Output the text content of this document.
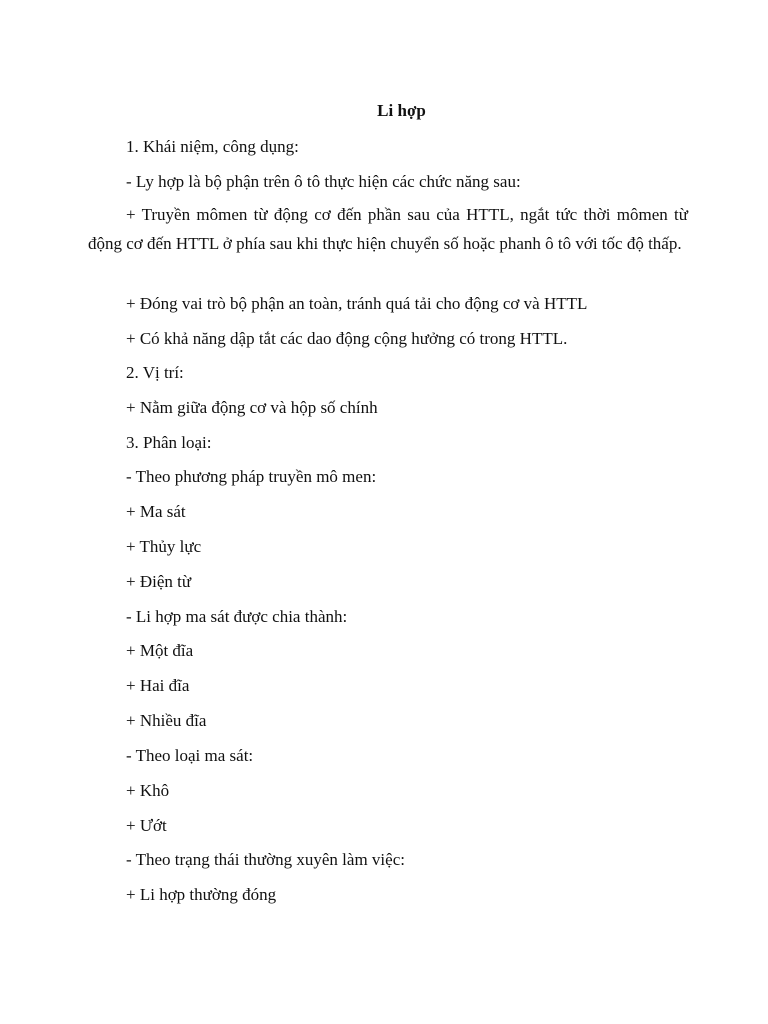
Li hợp
1. Khái niệm, công dụng:
- Ly hợp là bộ phận trên ô tô thực hiện các chức năng sau:
+ Truyền mômen từ động cơ đến phần sau của HTTL, ngắt tức thời mômen từ động cơ đến HTTL ở phía sau khi thực hiện chuyển số hoặc phanh ô tô với tốc độ thấp.
+ Đóng vai trò bộ phận an toàn, tránh quá tải cho động cơ và HTTL
+ Có khả năng dập tắt các dao động cộng hưởng có trong HTTL.
2. Vị trí:
+ Nằm giữa động cơ và hộp số chính
3. Phân loại:
- Theo phương pháp truyền mô men:
+ Ma sát
+ Thủy lực
+ Điện từ
- Li hợp ma sát được chia thành:
+ Một đĩa
+ Hai đĩa
+ Nhiều đĩa
- Theo loại ma sát:
+ Khô
+ Ướt
- Theo trạng thái thường xuyên làm việc:
+ Li hợp thường đóng
